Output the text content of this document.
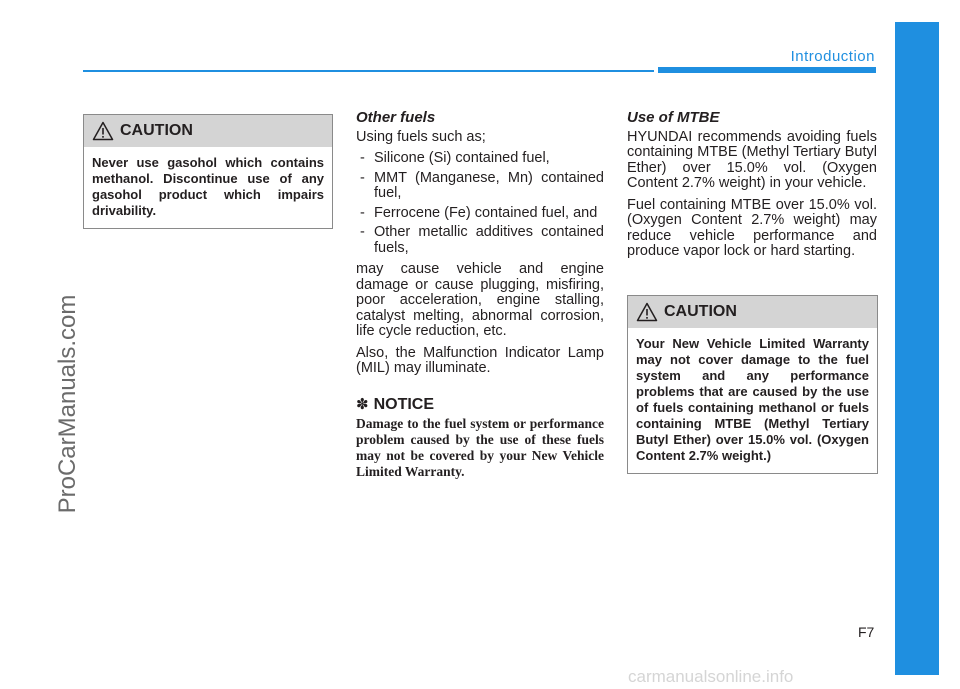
Introduction
ProCarManuals.com
CAUTION
Never use gasohol which contains methanol. Discontinue use of any gasohol product which impairs drivability.
Other fuels
Using fuels such as;
- Silicone (Si) contained fuel,
- MMT (Manganese, Mn) contained fuel,
- Ferrocene (Fe) contained fuel, and
- Other metallic additives contained fuels,
may cause vehicle and engine damage or cause plugging, misfiring, poor acceleration, engine stalling, catalyst melting, abnormal corrosion, life cycle reduction, etc.
Also, the Malfunction Indicator Lamp (MIL) may illuminate.
✽ NOTICE
Damage to the fuel system or performance problem caused by the use of these fuels may not be covered by your New Vehicle Limited Warranty.
Use of MTBE
HYUNDAI recommends avoiding fuels containing MTBE (Methyl Tertiary Butyl Ether) over 15.0% vol. (Oxygen Content 2.7% weight) in your vehicle.
Fuel containing MTBE over 15.0% vol. (Oxygen Content 2.7% weight) may reduce vehicle performance and produce vapor lock or hard starting.
CAUTION
Your New Vehicle Limited Warranty may not cover damage to the fuel system and any performance problems that are caused by the use of fuels containing methanol or fuels containing MTBE (Methyl Tertiary Butyl Ether) over 15.0% vol. (Oxygen Content 2.7% weight.)
F7
carmanualsonline.info
